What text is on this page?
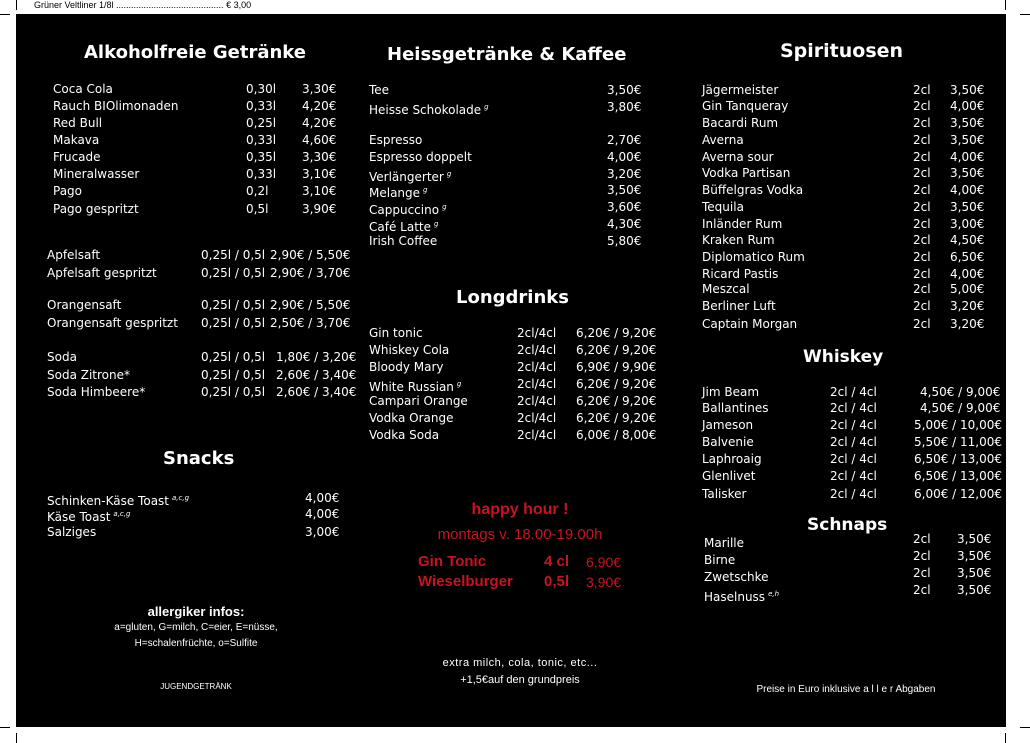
Grüner Veltliner 1/8l ........................................... € 3,00
Alkoholfreie Getränke
Coca Cola	0,30l 3,30€
Rauch BIOlimonaden	0,33l 4,20€
Red Bull	0,25l 4,20€
Makava	0,33l 4,60€
Frucade	0,35l 3,30€
Mineralwasser	0,33l 3,10€
Pago	0,2l	3,10€
Pago gespritzt	0,5l	3,90€
Apfelsaft	0,25l / 0,5l 2,90€ / 5,50€
Apfelsaft gespritzt	0,25l / 0,5l 2,90€ / 3,70€
Orangensaft	0,25l / 0,5l 2,90€ / 5,50€
Orangensaft gespritzt 0,25l / 0,5l 2,50€ / 3,70€
Soda	0,25l / 0,5l 1,80€ / 3,20€
Soda Zitrone*	0,25l / 0,5l 2,60€ / 3,40€
Soda Himbeere*	0,25l / 0,5l 2,60€ / 3,40€
Snacks
Schinken-Käse Toast $^{a,c,g}$	4,00€
Käse Toast $^{a,c,g}$	4,00€
Salziges	3,00€
allergiker infos:
a=gluten, G=milch, C=eier, E=nüsse,
H=schalenfrüchte, o=Sulfite
JUGENDGETRÄNK
Heissgetränke & Kaffee
Tee	3,50€
Heisse Schokolade $^g$	3,80€
Espresso	2,70€
Espresso doppelt	4,00€
Verlängerter $^g$	3,20€
Melange $^g$	3,50€
Cappuccino $^g$	3,60€
Café Latte $^g$	4,30€
Irish Coffee	5,80€
Longdrinks
Gin tonic	2cl/4cl 6,20€ / 9,20€
Whiskey Cola	2cl/4cl 6,20€ / 9,20€
Bloody Mary	2cl/4cl 6,90€ / 9,90€
White Russian $^g$	2cl/4cl 6,20€ / 9,20€
Campari Orange	2cl/4cl 6,20€ / 9,20€
Vodka Orange	2cl/4cl 6,20€ / 9,20€
Vodka Soda	2cl/4cl 6,00€ / 8,00€
happy hour !
montags v. 18.00-19.00h
Gin Tonic	4 cl 6,90€
Wieselburger 0,5l 3,90€
extra milch, cola, tonic, etc...
+1,5€auf den grundpreis
Spirituosen
Jägermeister	2cl 3,50€
Gin Tanqueray	2cl 4,00€
Bacardi Rum	2cl 3,50€
Averna	2cl 3,50€
Averna sour	2cl 4,00€
Vodka Partisan	2cl 3,50€
Büffelgras Vodka	2cl 4,00€
Tequila	2cl 3,50€
Inländer Rum	2cl 3,00€
Kraken Rum	2cl 4,50€
Diplomatico Rum	2cl 6,50€
Ricard Pastis	2cl 4,00€
Meszcal	2cl 5,00€
Berliner Luft	2cl 3,20€
Captain Morgan	2cl 3,20€
Whiskey
Jim Beam	2cl / 4cl	4,50€ / 9,00€
Ballantines	2cl / 4cl	4,50€ / 9,00€
Jameson	2cl / 4cl	5,00€ / 10,00€
Balvenie	2cl / 4cl	5,50€ / 11,00€
Laphroaig	2cl / 4cl	6,50€ / 13,00€
Glenlivet	2cl / 4cl	6,50€ / 13,00€
Talisker	2cl / 4cl	6,00€ / 12,00€
Schnaps
Marille	2cl 3,50€
Birne	2cl 3,50€
Zwetschke	2cl 3,50€
Haselnuss $^{e,h}$	2cl 3,50€
Preise in Euro inklusive a l l e r Abgaben
